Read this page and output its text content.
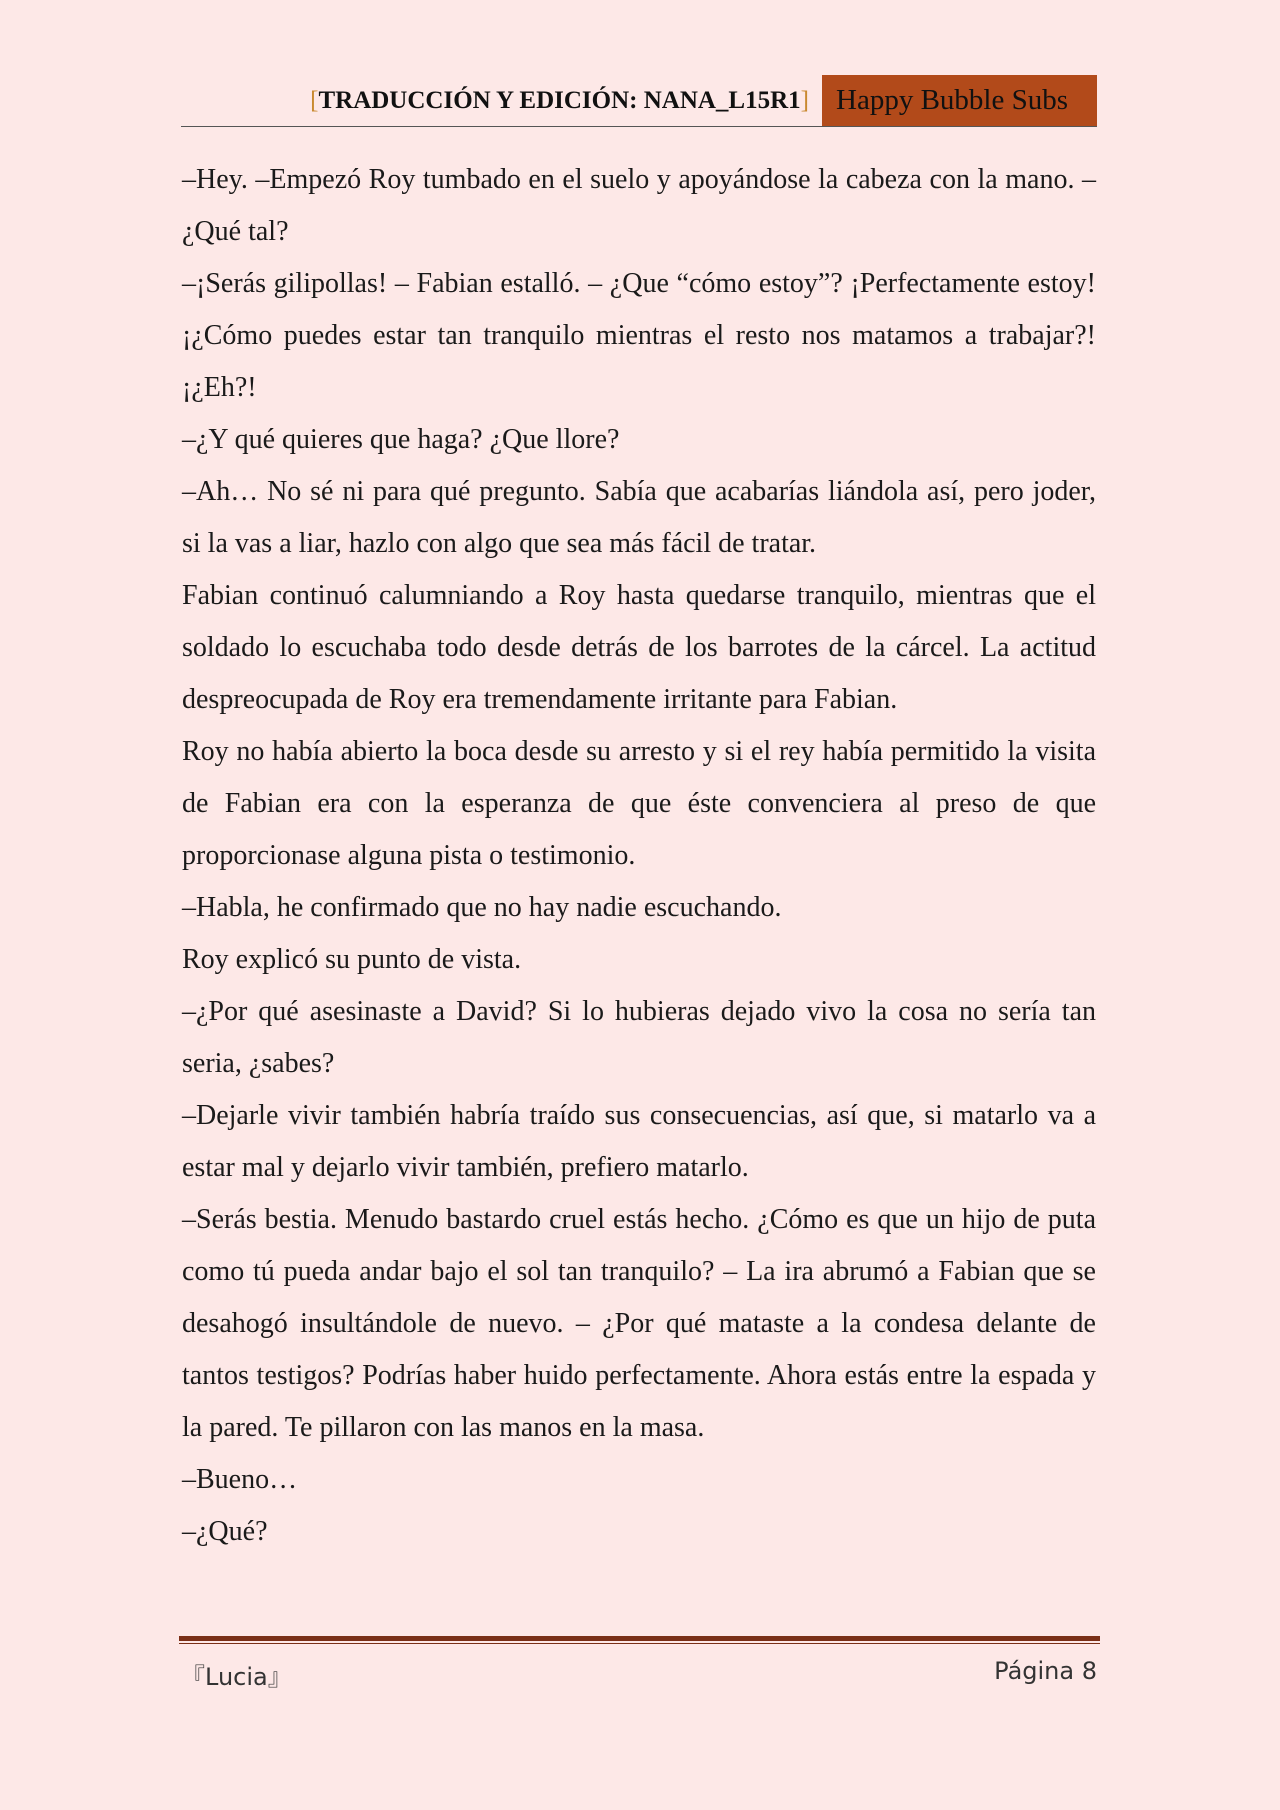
[TRADUCCIÓN Y EDICIÓN: NANA_L15R1] Happy Bubble Subs

–Hey. –Empezó Roy tumbado en el suelo y apoyándose la cabeza con la mano. – ¿Qué tal?

–¡Serás gilipollas! – Fabian estalló. – ¿Que “cómo estoy”? ¡Perfectamente estoy! ¡¿Cómo puedes estar tan tranquilo mientras el resto nos matamos a trabajar?! ¡¿Eh?!

–¿Y qué quieres que haga? ¿Que llore?

–Ah… No sé ni para qué pregunto. Sabía que acabarías liándola así, pero joder, si la vas a liar, hazlo con algo que sea más fácil de tratar.

Fabian continuó calumniando a Roy hasta quedarse tranquilo, mientras que el soldado lo escuchaba todo desde detrás de los barrotes de la cárcel. La actitud despreocupada de Roy era tremendamente irritante para Fabian.

Roy no había abierto la boca desde su arresto y si el rey había permitido la visita de Fabian era con la esperanza de que éste convenciera al preso de que proporcionase alguna pista o testimonio.

–Habla, he confirmado que no hay nadie escuchando.

Roy explicó su punto de vista.

–¿Por qué asesinaste a David? Si lo hubieras dejado vivo la cosa no sería tan seria, ¿sabes?

–Dejarle vivir también habría traído sus consecuencias, así que, si matarlo va a estar mal y dejarlo vivir también, prefiero matarlo.

–Serás bestia. Menudo bastardo cruel estás hecho. ¿Cómo es que un hijo de puta como tú pueda andar bajo el sol tan tranquilo? – La ira abrumó a Fabian que se desahogó insultándole de nuevo. – ¿Por qué mataste a la condesa delante de tantos testigos? Podrías haber huido perfectamente. Ahora estás entre la espada y la pared. Te pillaron con las manos en la masa.

–Bueno…

–¿Qué?

『Lucia』	Página 8
